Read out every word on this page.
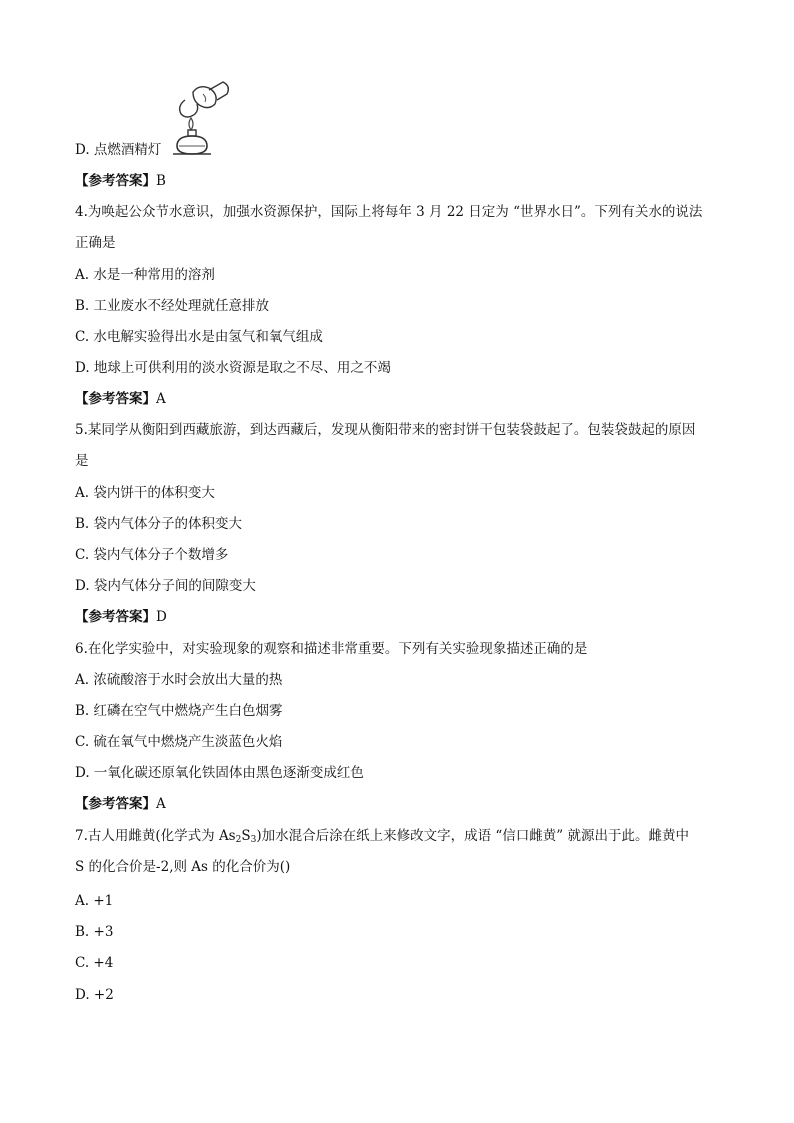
D. 点燃酒精灯
【参考答案】B
4.为唤起公众节水意识，加强水资源保护，国际上将每年 3 月 22 日定为 “世界水日”。下列有关水的说法
正确是
A. 水是一种常用的溶剂
B. 工业废水不经处理就任意排放
C. 水电解实验得出水是由氢气和氧气组成
D. 地球上可供利用的淡水资源是取之不尽、用之不竭
【参考答案】A
5.某同学从衡阳到西藏旅游，到达西藏后，发现从衡阳带来的密封饼干包装袋鼓起了。包装袋鼓起的原因
是
A. 袋内饼干的体积变大
B. 袋内气体分子的体积变大
C. 袋内气体分子个数增多
D. 袋内气体分子间的间隙变大
【参考答案】D
6.在化学实验中，对实验现象的观察和描述非常重要。下列有关实验现象描述正确的是
A. 浓硫酸溶于水时会放出大量的热
B. 红磷在空气中燃烧产生白色烟雾
C. 硫在氧气中燃烧产生淡蓝色火焰
D. 一氧化碳还原氧化铁固体由黑色逐渐变成红色
【参考答案】A
7.古人用雌黄(化学式为 $As_2S_3$)加水混合后涂在纸上来修改文字，成语 “信口雌黄” 就源出于此。雌黄中
S 的化合价是-2,则 As 的化合价为()
A. +1
B. +3
C. +4
D. +2
